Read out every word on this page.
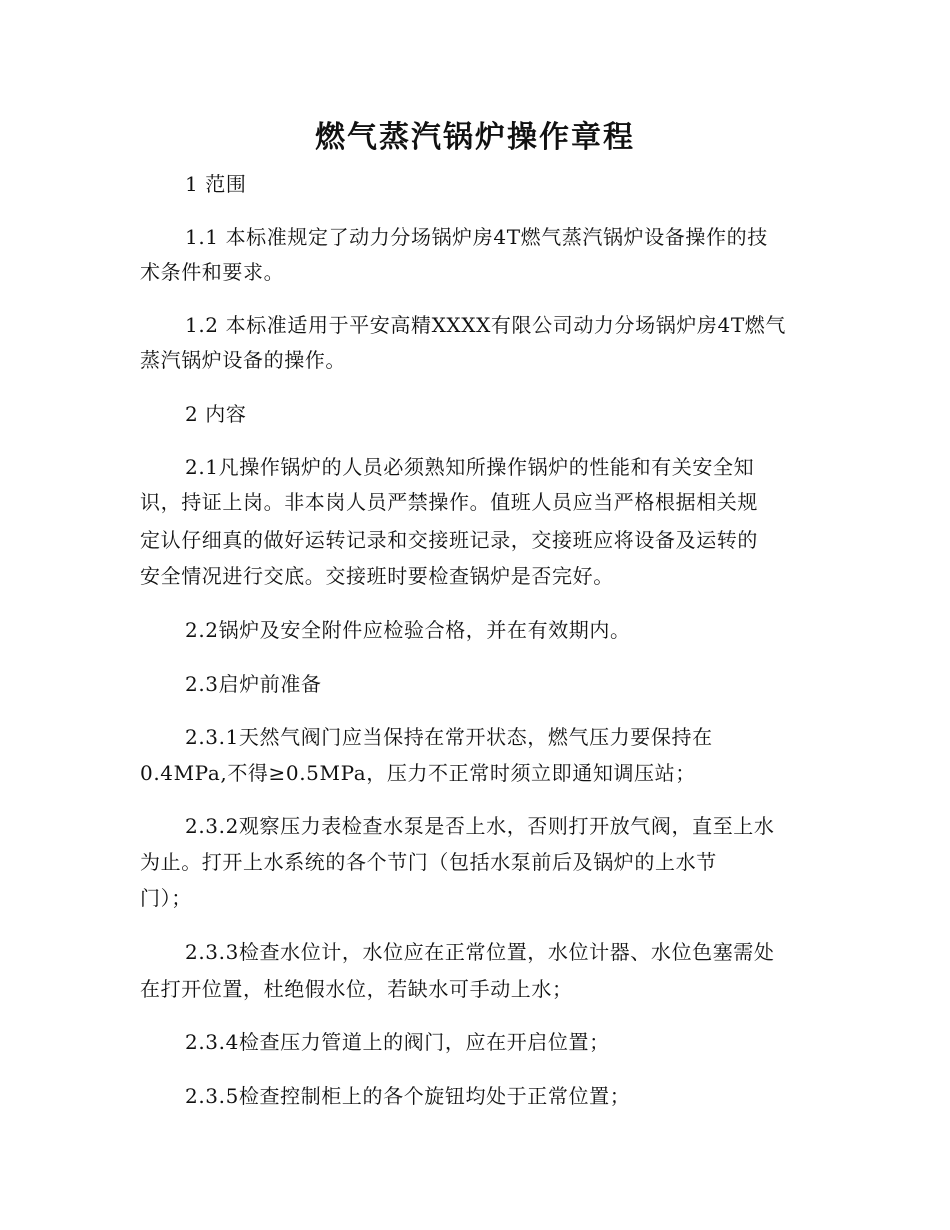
燃气蒸汽锅炉操作章程
1 范围
1.1 本标准规定了动力分场锅炉房4T燃气蒸汽锅炉设备操作的技
术条件和要求。
1.2 本标准适用于平安高精XXXX有限公司动力分场锅炉房4T燃气
蒸汽锅炉设备的操作。
2 内容
2.1凡操作锅炉的人员必须熟知所操作锅炉的性能和有关安全知
识，持证上岗。非本岗人员严禁操作。值班人员应当严格根据相关规
定认仔细真的做好运转记录和交接班记录，交接班应将设备及运转的
安全情况进行交底。交接班时要检查锅炉是否完好。
2.2锅炉及安全附件应检验合格，并在有效期内。
2.3启炉前准备
2.3.1天然气阀门应当保持在常开状态，燃气压力要保持在
0.4MPa,不得≥0.5MPa，压力不正常时须立即通知调压站；
2.3.2观察压力表检查水泵是否上水，否则打开放气阀，直至上水
为止。打开上水系统的各个节门（包括水泵前后及锅炉的上水节
门）；
2.3.3检查水位计，水位应在正常位置，水位计器、水位色塞需处
在打开位置，杜绝假水位，若缺水可手动上水；
2.3.4检查压力管道上的阀门，应在开启位置；
2.3.5检查控制柜上的各个旋钮均处于正常位置；
